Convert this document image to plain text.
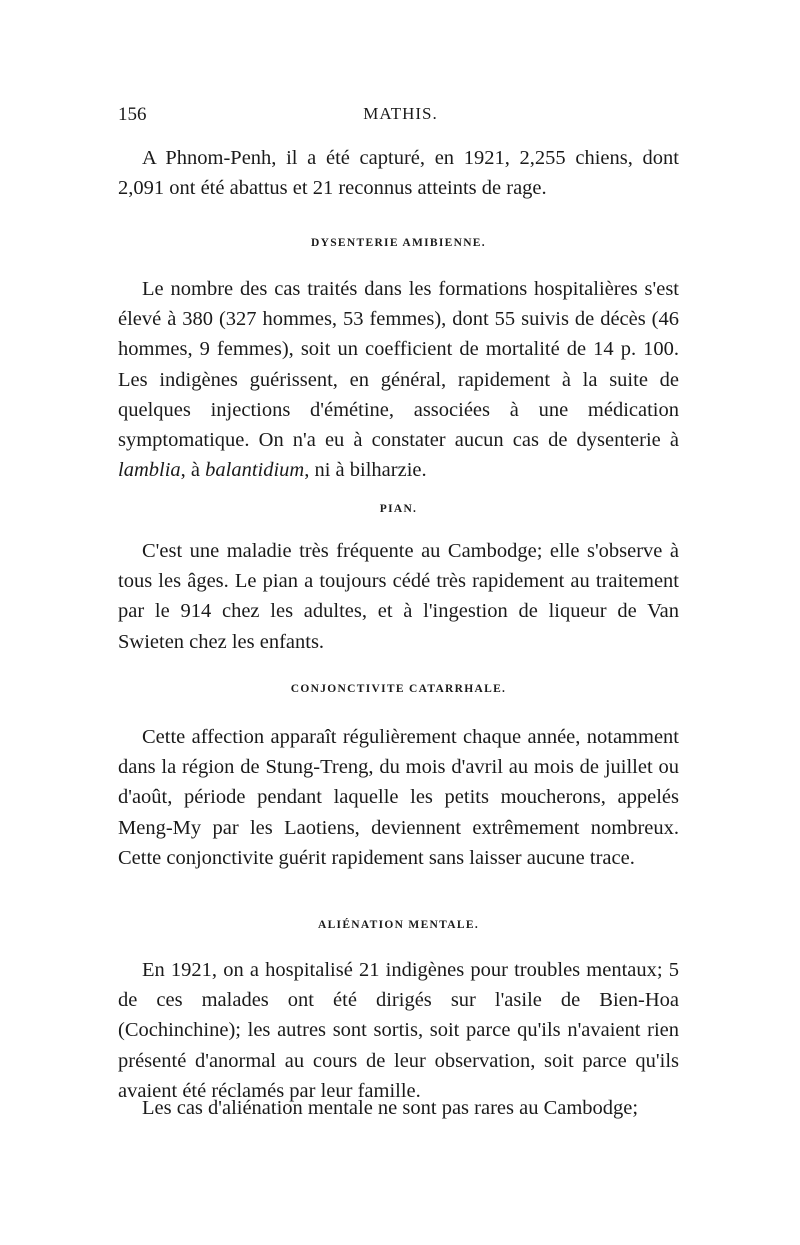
156	MATHIS.

A Phnom-Penh, il a été capturé, en 1921, 2,255 chiens, dont 2,091 ont été abattus et 21 reconnus atteints de rage.

DYSENTERIE AMIBIENNE.

Le nombre des cas traités dans les formations hospitalières s'est élevé à 380 (327 hommes, 53 femmes), dont 55 suivis de décès (46 hommes, 9 femmes), soit un coefficient de mortalité de 14 p. 100. Les indigènes guérissent, en général, rapidement à la suite de quelques injections d'émétine, associées à une médication symptomatique. On n'a eu à constater aucun cas de dysenterie à lamblia, à balantidium, ni à bilharzie.

PIAN.

C'est une maladie très fréquente au Cambodge; elle s'observe à tous les âges. Le pian a toujours cédé très rapidement au traitement par le 914 chez les adultes, et à l'ingestion de liqueur de Van Swieten chez les enfants.

CONJONCTIVITE CATARRHALE.

Cette affection apparaît régulièrement chaque année, notamment dans la région de Stung-Treng, du mois d'avril au mois de juillet ou d'août, période pendant laquelle les petits moucherons, appelés Meng-My par les Laotiens, deviennent extrêmement nombreux. Cette conjonctivite guérit rapidement sans laisser aucune trace.

ALIÉNATION MENTALE.

En 1921, on a hospitalisé 21 indigènes pour troubles mentaux; 5 de ces malades ont été dirigés sur l'asile de Bien-Hoa (Cochinchine); les autres sont sortis, soit parce qu'ils n'avaient rien présenté d'anormal au cours de leur observation, soit parce qu'ils avaient été réclamés par leur famille.

Les cas d'aliénation mentale ne sont pas rares au Cambodge;
